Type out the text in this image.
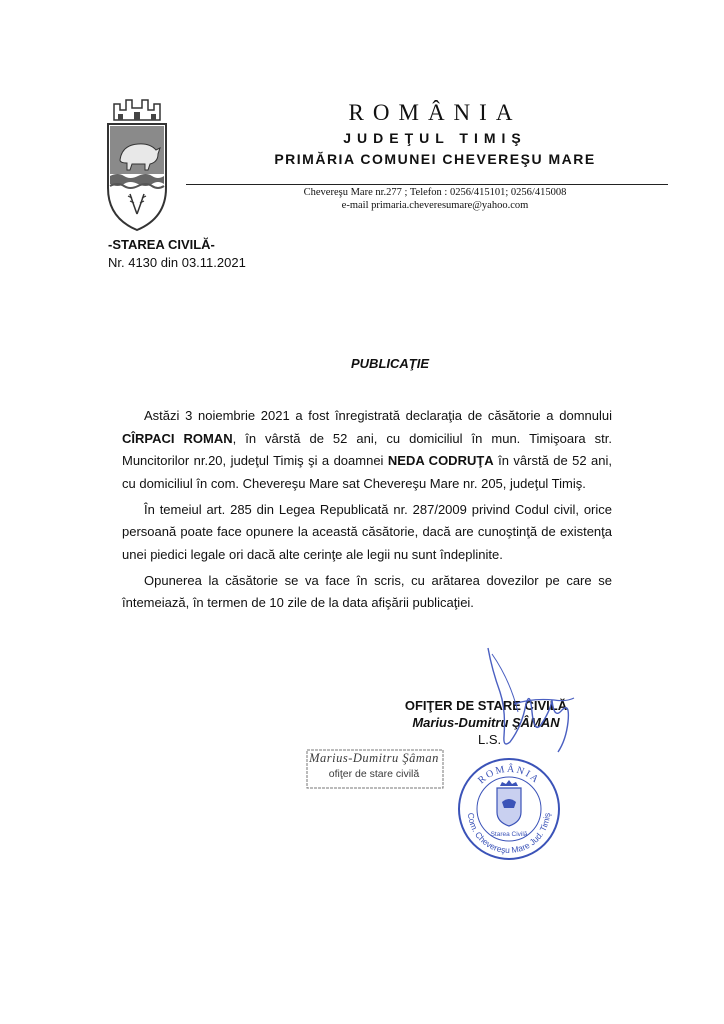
ROMÂNIA
JUDEŢUL TIMIŞ
PRIMĂRIA COMUNEI CHEVEREŞU MARE
Chevereşu Mare nr.277 ; Telefon : 0256/415101; 0256/415008
e-mail primaria.cheveresumare@yahoo.com
-STAREA CIVILĂ-
Nr. 4130 din 03.11.2021
PUBLICAŢIE

Astăzi 3 noiembrie 2021 a fost înregistrată declaraţia de căsătorie a domnului CÎRPACI ROMAN, în vârstă de 52 ani, cu domiciliul în mun. Timişoara str. Muncitorilor nr.20, judeţul Timiş şi a doamnei NEDA CODRUŢA în vârstă de 52 ani, cu domiciliul în com. Chevereşu Mare sat Chevereşu Mare nr. 205, judeţul Timiş.

În temeiul art. 285 din Legea Republicată nr. 287/2009 privind Codul civil, orice persoană poate face opunere la această căsătorie, dacă are cunoştinţă de existenţa unei piedici legale ori dacă alte cerinţe ale legii nu sunt îndeplinite.

Opunerea la căsătorie se va face în scris, cu arătarea dovezilor pe care se întemeiază, în termen de 10 zile de la data afişării publicaţiei.

OFIŢER DE STARE CIVILĂ
Marius-Dumitru ŞÂMAN
L.S.
Marius-Dumitru Şâman
ofiţer de stare civilă	ROMÂNIA
Com. Chevereşu Mare Jud. Timiş
Starea Civilă
